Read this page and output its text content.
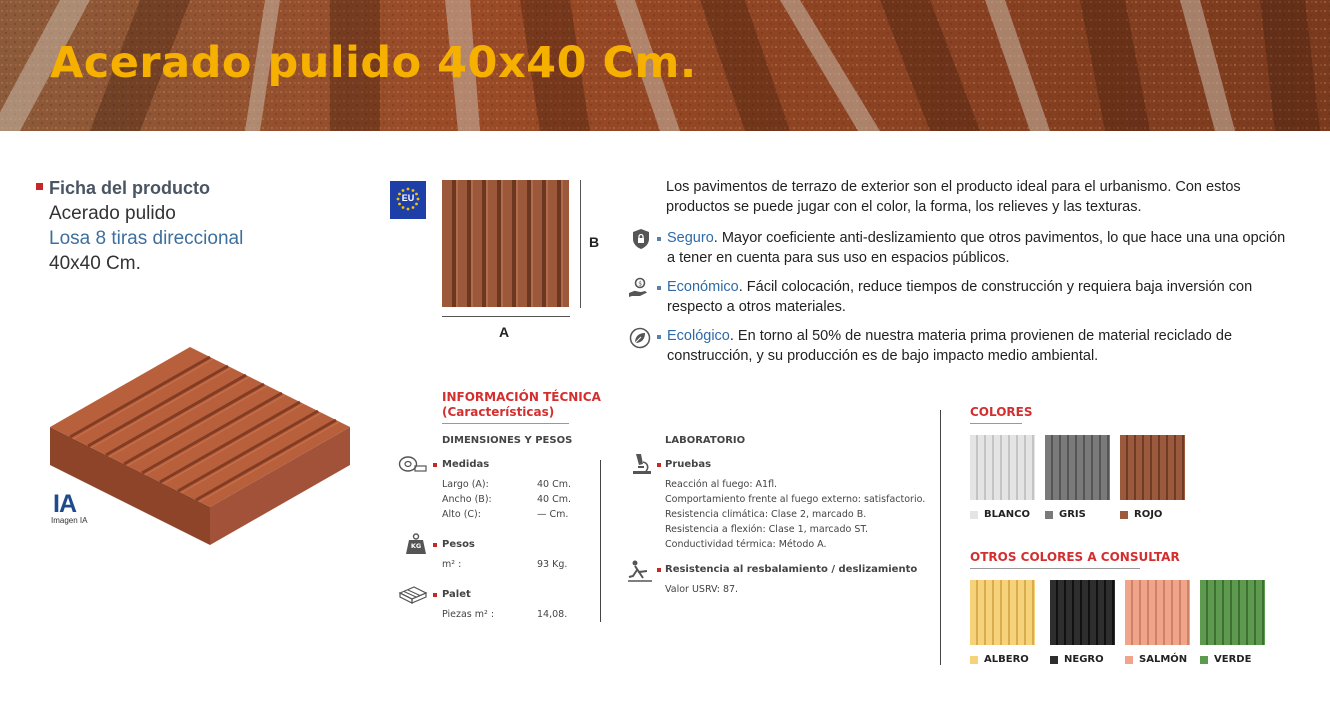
Acerado pulido 40x40 Cm.
Ficha del producto
Acerado pulido
Losa 8 tiras direccional
40x40 Cm.
IA
Imagen IA
EU
B
A
Los pavimentos de terrazo de exterior son el producto ideal para el urbanismo. Con estos productos se puede jugar con el color, la forma, los relieves y las texturas.
Seguro. Mayor coeficiente anti-deslizamiento que otros pavimentos, lo que hace una una opción a tener en cuenta para sus uso en espacios públicos.
$ Económico. Fácil colocación, reduce tiempos de construcción y requiera baja inversión con respecto a otros materiales.
Ecológico. En torno al 50% de nuestra materia prima provienen de material reciclado de construcción, y su producción es de bajo impacto medio ambiental.
INFORMACIÓN TÉCNICA
(Características)
DIMENSIONES Y PESOS
Medidas
Largo (A):	40 Cm.
Ancho (B):	40 Cm.
Alto (C):	— Cm.
KG	Pesos
m² :	93 Kg.
Palet
Piezas m² :	14,08.
LABORATORIO
Pruebas
Reacción al fuego: A1fl.
Comportamiento frente al fuego externo: satisfactorio.
Resistencia climática: Clase 2, marcado B.
Resistencia a flexión: Clase 1, marcado ST.
Conductividad térmica: Método A.
Resistencia al resbalamiento / deslizamiento
Valor USRV: 87.
COLORES
BLANCO	GRIS	ROJO
OTROS COLORES A CONSULTAR
ALBERO	NEGRO	SALMÓN	VERDE
